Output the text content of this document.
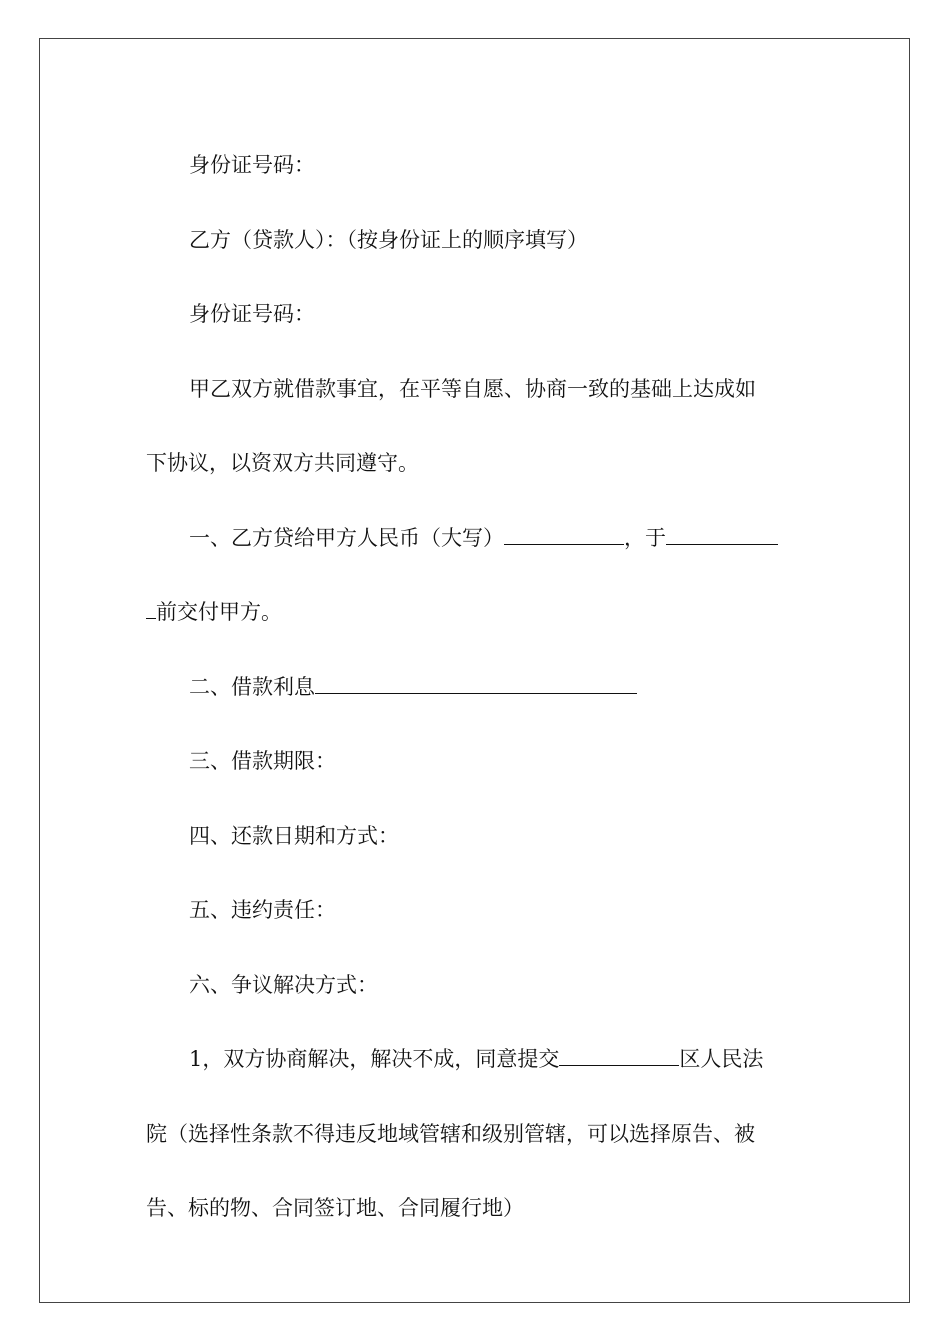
身份证号码：

乙方（贷款人）：（按身份证上的顺序填写）

身份证号码：

甲乙双方就借款事宜，在平等自愿、协商一致的基础上达成如

下协议，以资双方共同遵守。

一、乙方贷给甲方人民币（大写）	，于

前交付甲方。

二、借款利息

三、借款期限：

四、还款日期和方式：

五、违约责任：

六、争议解决方式：

1，双方协商解决，解决不成，同意提交	区人民法

院（选择性条款不得违反地域管辖和级别管辖，可以选择原告、被

告、标的物、合同签订地、合同履行地）
